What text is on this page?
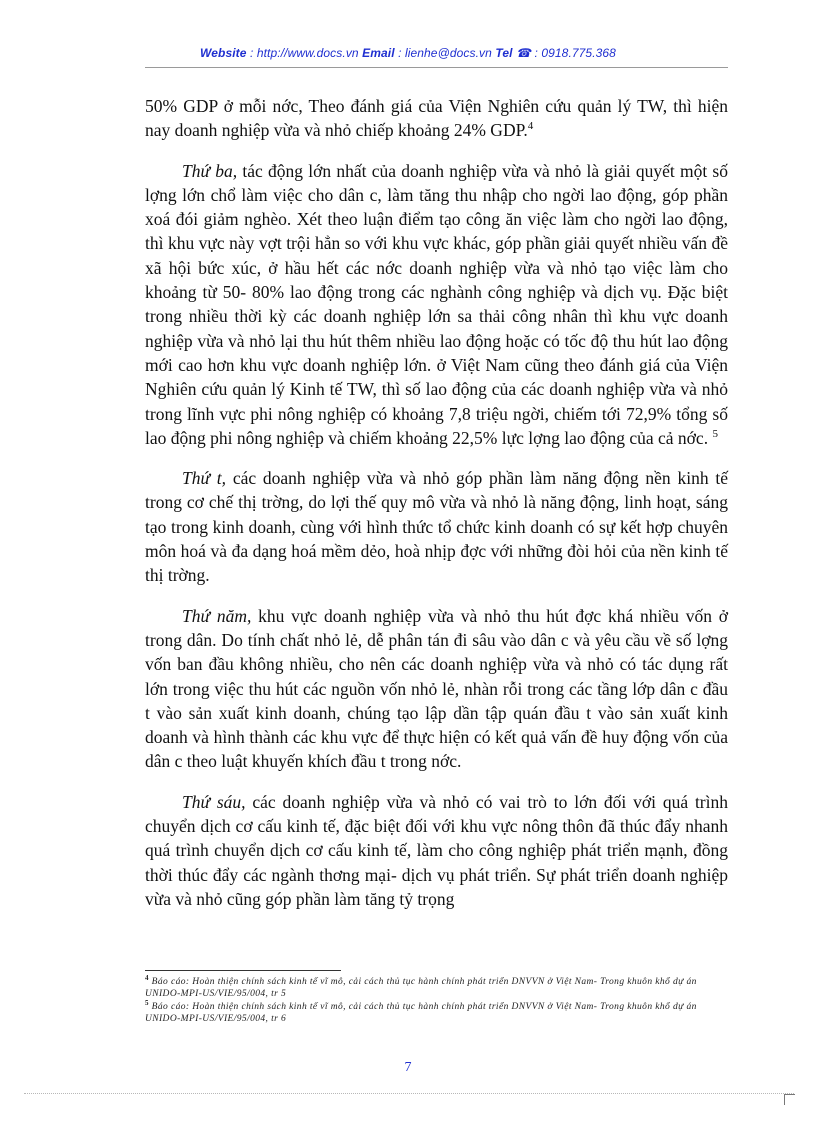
Website : http://www.docs.vn Email : lienhe@docs.vn Tel ☎ : 0918.775.368

50% GDP ở mỗi nớc, Theo đánh giá của Viện Nghiên cứu quản lý TW, thì hiện nay doanh nghiệp vừa và nhỏ chiếp khoảng 24% GDP.$^4$

Thứ ba, tác động lớn nhất của doanh nghiệp vừa và nhỏ là giải quyết một số lợng lớn chổ làm việc cho dân c, làm tăng thu nhập cho ngời lao động, góp phần xoá đói giảm nghèo. Xét theo luận điểm tạo công ăn việc làm cho ngời lao động, thì khu vực này vợt trội hẳn so với khu vực khác, góp phần giải quyết nhiều vấn đề xã hội bức xúc, ở hầu hết các nớc doanh nghiệp vừa và nhỏ tạo việc làm cho khoảng từ 50- 80% lao động trong các nghành công nghiệp và dịch vụ. Đặc biệt trong nhiều thời kỳ các doanh nghiệp lớn sa thải công nhân thì khu vực doanh nghiệp vừa và nhỏ lại thu hút thêm nhiều lao động hoặc có tốc độ thu hút lao động mới cao hơn khu vực doanh nghiệp lớn. ở Việt Nam cũng theo đánh giá của Viện Nghiên cứu quản lý Kinh tế TW, thì số lao động của các doanh nghiệp vừa và nhỏ trong lĩnh vực phi nông nghiệp có khoảng 7,8 triệu ngời, chiếm tới 72,9% tổng số lao động phi nông nghiệp và chiếm khoảng 22,5% lực lợng lao động của cả nớc. $^5$

Thứ t, các doanh nghiệp vừa và nhỏ góp phần làm năng động nền kinh tế trong cơ chế thị trờng, do lợi thế quy mô vừa và nhỏ là năng động, linh hoạt, sáng tạo trong kinh doanh, cùng với hình thức tổ chức kinh doanh có sự kết hợp chuyên môn hoá và đa dạng hoá mềm dẻo, hoà nhịp đợc với những đòi hỏi của nền kinh tế thị trờng.

Thứ năm, khu vực doanh nghiệp vừa và nhỏ thu hút đợc khá nhiều vốn ở trong dân. Do tính chất nhỏ lẻ, dễ phân tán đi sâu vào dân c và yêu cầu về số lợng vốn ban đầu không nhiều, cho nên các doanh nghiệp vừa và nhỏ có tác dụng rất lớn trong việc thu hút các nguồn vốn nhỏ lẻ, nhàn rỗi trong các tầng lớp dân c đầu t vào sản xuất kinh doanh, chúng tạo lập dần tập quán đầu t vào sản xuất kinh doanh và hình thành các khu vực để thực hiện có kết quả vấn đề huy động vốn của dân c theo luật khuyến khích đầu t trong nớc.

Thứ sáu, các doanh nghiệp vừa và nhỏ có vai trò to lớn đối với quá trình chuyển dịch cơ cấu kinh tế, đặc biệt đối với khu vực nông thôn đã thúc đẩy nhanh quá trình chuyển dịch cơ cấu kinh tế, làm cho công nghiệp phát triển mạnh, đồng thời thúc đẩy các ngành thơng mại- dịch vụ phát triển. Sự phát triển doanh nghiệp vừa và nhỏ cũng góp phần làm tăng tỷ trọng

$^4$ Báo cáo: Hoàn thiện chính sách kinh tế vĩ mô, cải cách thủ tục hành chính phát triển DNVVN ở Việt Nam- Trong khuôn khổ dự án UNIDO-MPI-US/VIE/95/004, tr 5
$^5$ Báo cáo: Hoàn thiện chính sách kinh tế vĩ mô, cải cách thủ tục hành chính phát triển DNVVN ở Việt Nam- Trong khuôn khổ dự án UNIDO-MPI-US/VIE/95/004, tr 6
7
